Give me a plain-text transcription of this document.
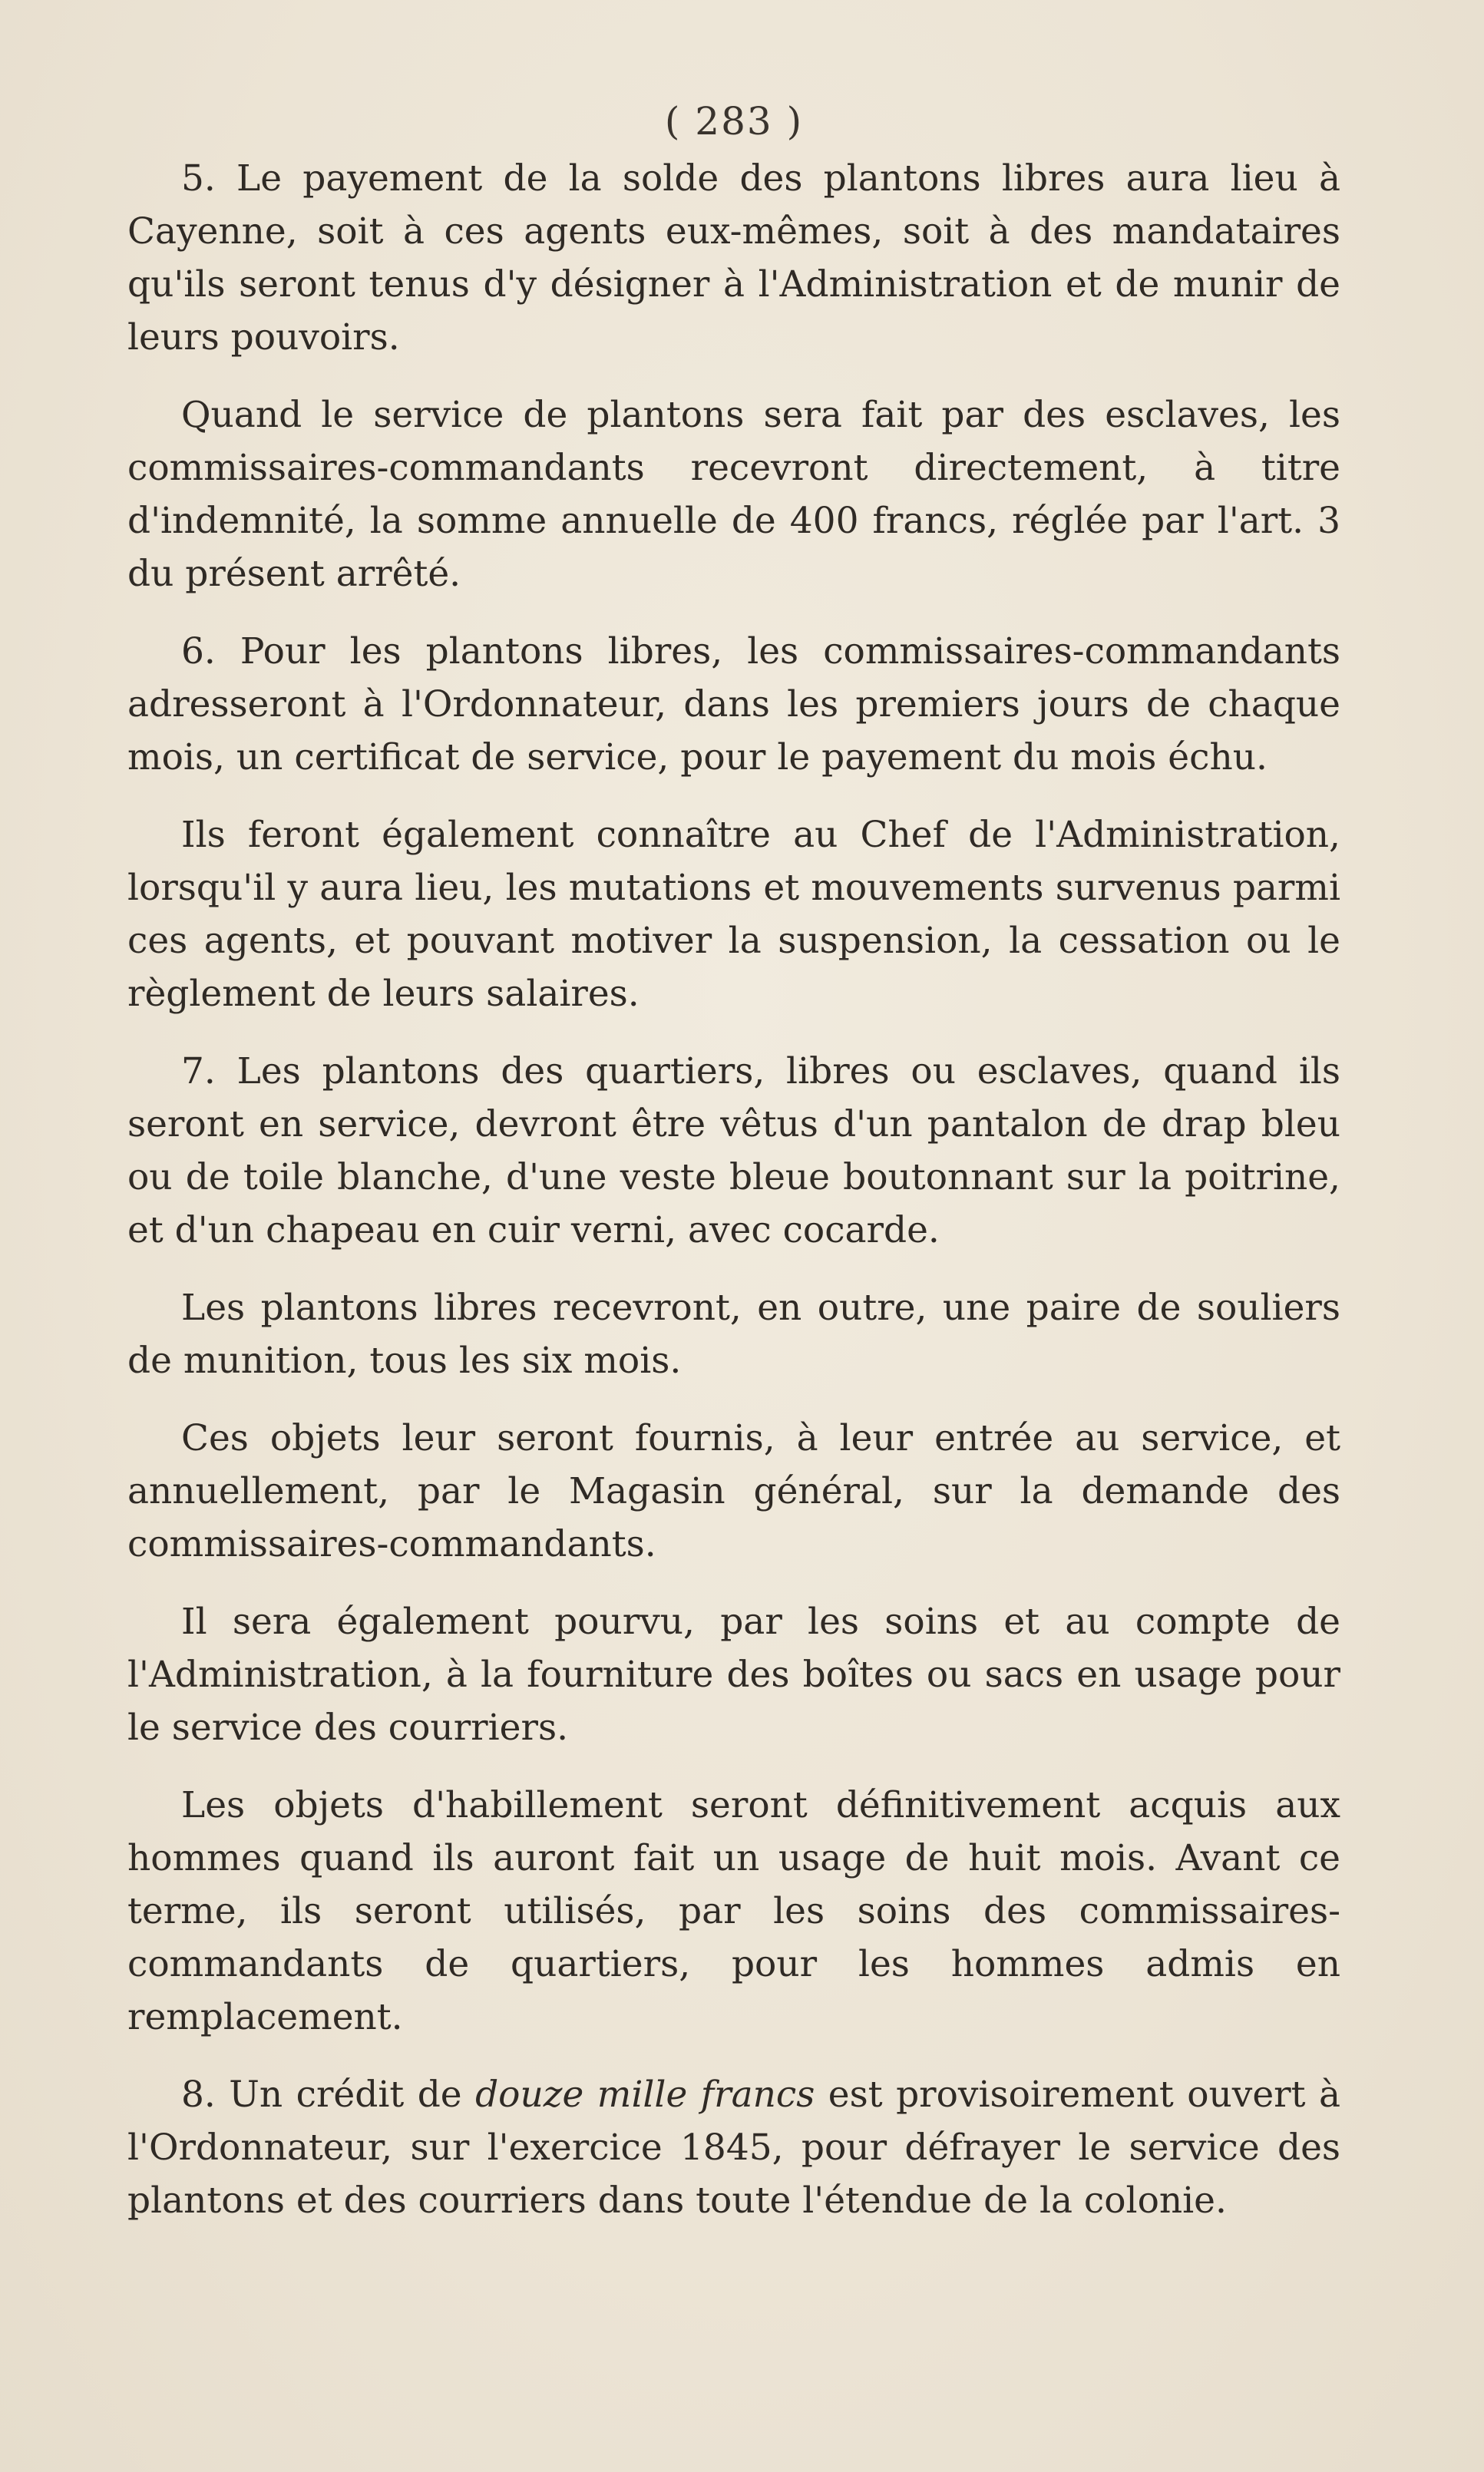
( 283 )

5. Le payement de la solde des plantons libres aura lieu à Cayenne, soit à ces agents eux-mêmes, soit à des mandataires qu'ils seront tenus d'y désigner à l'Administration et de munir de leurs pouvoirs.

Quand le service de plantons sera fait par des esclaves, les commissaires-commandants recevront directement, à titre d'indemnité, la somme annuelle de 400 francs, réglée par l'art. 3 du présent arrêté.

6. Pour les plantons libres, les commissaires-commandants adresseront à l'Ordonnateur, dans les premiers jours de chaque mois, un certificat de service, pour le payement du mois échu.

Ils feront également connaître au Chef de l'Administration, lorsqu'il y aura lieu, les mutations et mouvements survenus parmi ces agents, et pouvant motiver la suspension, la cessation ou le règlement de leurs salaires.

7. Les plantons des quartiers, libres ou esclaves, quand ils seront en service, devront être vêtus d'un pantalon de drap bleu ou de toile blanche, d'une veste bleue boutonnant sur la poitrine, et d'un chapeau en cuir verni, avec cocarde.

Les plantons libres recevront, en outre, une paire de souliers de munition, tous les six mois.

Ces objets leur seront fournis, à leur entrée au service, et annuellement, par le Magasin général, sur la demande des commissaires-commandants.

Il sera également pourvu, par les soins et au compte de l'Administration, à la fourniture des boîtes ou sacs en usage pour le service des courriers.

Les objets d'habillement seront définitivement acquis aux hommes quand ils auront fait un usage de huit mois. Avant ce terme, ils seront utilisés, par les soins des commissaires-commandants de quartiers, pour les hommes admis en remplacement.

8. Un crédit de douze mille francs est provisoirement ouvert à l'Ordonnateur, sur l'exercice 1845, pour défrayer le service des plantons et des courriers dans toute l'étendue de la colonie.
